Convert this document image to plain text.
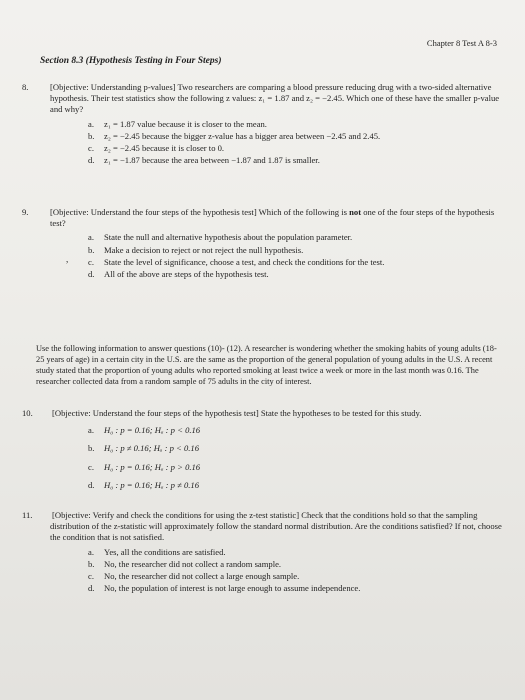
Chapter 8 Test A 8-3
Section 8.3 (Hypothesis Testing in Four Steps)
8.	[Objective: Understanding p-values] Two researchers are comparing a blood pressure reducing drug with a two-sided alternative hypothesis. Their test statistics show the following z values: z₁ = 1.87 and z₂ = −2.45. Which one of these have the smaller p-value and why?
a. z₁ = 1.87 value because it is closer to the mean.
b. z₂ = −2.45 because the bigger z-value has a bigger area between −2.45 and 2.45.
c. z₂ = −2.45 because it is closer to 0.
d. z₁ = −1.87 because the area between −1.87 and 1.87 is smaller.
9.	[Objective: Understand the four steps of the hypothesis test] Which of the following is not one of the four steps of the hypothesis test?
a. State the null and alternative hypothesis about the population parameter.
b. Make a decision to reject or not reject the null hypothesis.
c. State the level of significance, choose a test, and check the conditions for the test.
d. All of the above are steps of the hypothesis test.
,
Use the following information to answer questions (10)- (12). A researcher is wondering whether the smoking habits of young adults (18-25 years of age) in a certain city in the U.S. are the same as the proportion of the general population of young adults in the U.S. A recent study stated that the proportion of young adults who reported smoking at least twice a week or more in the last month was 0.16. The researcher collected data from a random sample of 75 adults in the city of interest.
10. [Objective: Understand the four steps of the hypothesis test] State the hypotheses to be tested for this study.
a. H₀ : p = 0.16; Hₐ : p < 0.16
b. H₀ : p ≠ 0.16; Hₐ : p < 0.16
c. H₀ : p = 0.16; Hₐ : p > 0.16
d. H₀ : p = 0.16; Hₐ : p ≠ 0.16
11. [Objective: Verify and check the conditions for using the z-test statistic] Check that the conditions hold so that the sampling distribution of the z-statistic will approximately follow the standard normal distribution. Are the conditions satisfied? If not, choose the condition that is not satisfied.
a. Yes, all the conditions are satisfied.
b. No, the researcher did not collect a random sample.
c. No, the researcher did not collect a large enough sample.
d. No, the population of interest is not large enough to assume independence.
